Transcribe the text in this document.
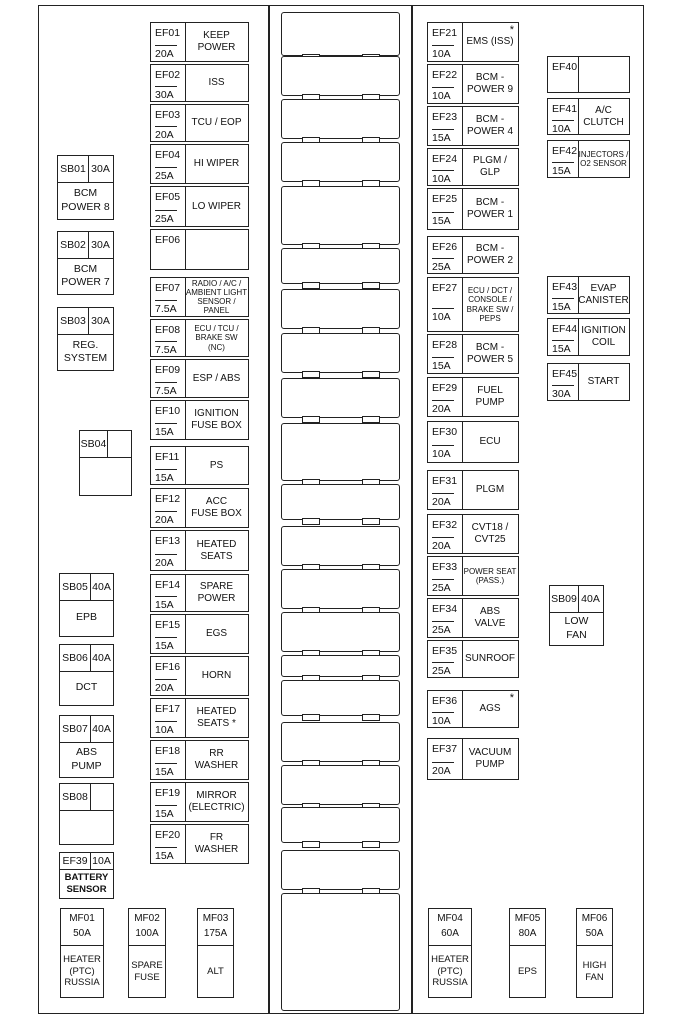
EF01
20A
KEEP
POWER
EF02
30A
ISS
EF03
20A
TCU / EOP
EF04
25A
HI WIPER
EF05
25A
LO WIPER
EF06
EF07
7.5A
RADIO / A/C /
AMBIENT LIGHT
SENSOR / PANEL
EF08
7.5A
ECU / TCU /
BRAKE SW
(NC)
EF09
7.5A
ESP / ABS
EF10
15A
IGNITION
FUSE BOX
EF11
15A
PS
EF12
20A
ACC
FUSE BOX
EF13
20A
HEATED
SEATS
EF14
15A
SPARE
POWER
EF15
15A
EGS
EF16
20A
HORN
EF17
10A
HEATED
SEATS *
EF18
15A
RR
WASHER
EF19
15A
MIRROR
(ELECTRIC)
EF20
15A
FR
WASHER
EF21
10A
EMS (ISS)
*
EF22
10A
BCM -
POWER 9
EF23
15A
BCM -
POWER 4
EF24
10A
PLGM / GLP
EF25
15A
BCM -
POWER 1
EF26
25A
BCM -
POWER 2
EF27
10A
ECU / DCT /
CONSOLE /
BRAKE SW /
PEPS
EF28
15A
BCM -
POWER 5
EF29
20A
FUEL
PUMP
EF30
10A
ECU
EF31
20A
PLGM
EF32
20A
CVT18 /
CVT25
EF33
25A
POWER SEAT
(PASS.)
EF34
25A
ABS
VALVE
EF35
25A
SUNROOF
EF36
10A
AGS
*
EF37
20A
VACUUM
PUMP
EF40
EF41
10A
A/C
CLUTCH
EF42
15A
INJECTORS /
O2 SENSOR
EF43
15A
EVAP
CANISTER
EF44
15A
IGNITION
COIL
EF45
30A
START
SB01 30A
BCM
POWER 8
SB02 30A
BCM
POWER 7
SB03 30A
REG.
SYSTEM
SB04
SB05 40A
EPB
SB06 40A
DCT
SB07 40A
ABS
PUMP
SB08
EF39 10A
BATTERY
SENSOR
SB09 40A
LOW
FAN
MF01
50A
HEATER
(PTC)
RUSSIA
MF02
100A
SPARE
FUSE
MF03
175A
ALT
MF04
60A
HEATER
(PTC)
RUSSIA
MF05
80A
EPS
MF06
50A
HIGH
FAN
